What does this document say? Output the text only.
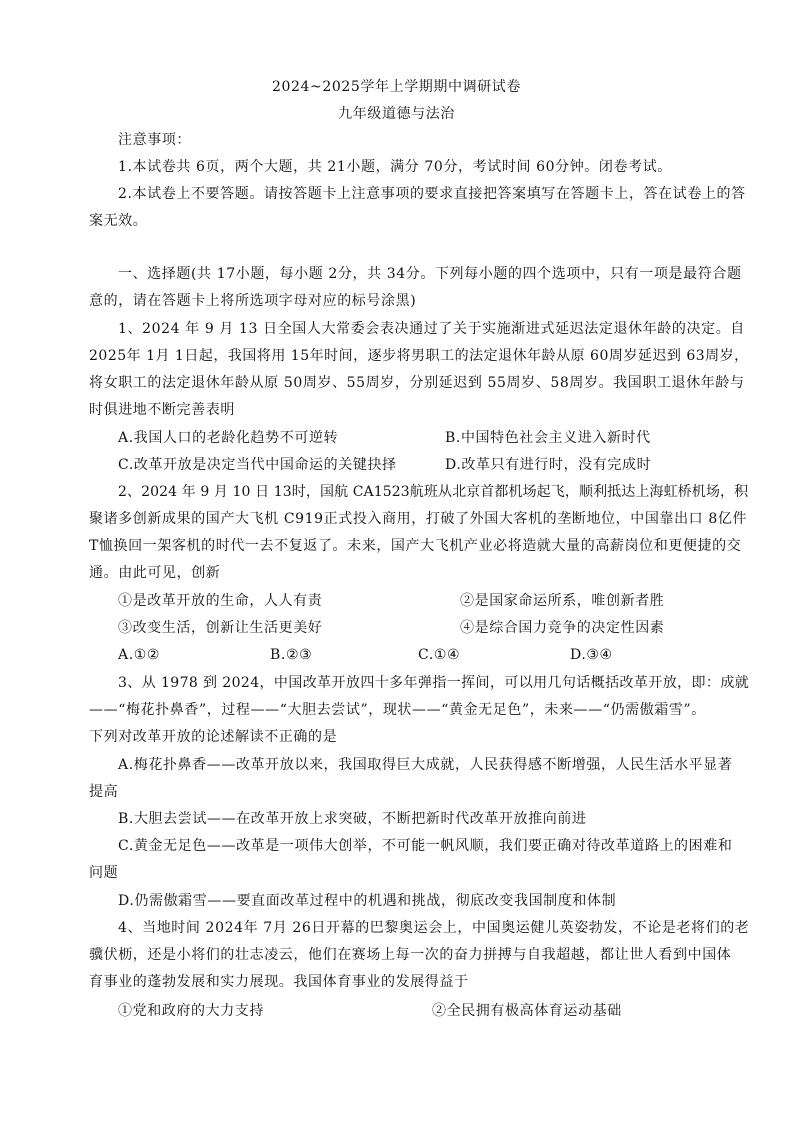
2024~2025学年上学期期中调研试卷
九年级道德与法治
注意事项：
1.本试卷共 6页，两个大题，共 21小题，满分 70分，考试时间 60分钟。闭卷考试。
2.本试卷上不要答题。请按答题卡上注意事项的要求直接把答案填写在答题卡上，答在试卷上的答
案无效。
一、选择题(共 17小题，每小题 2分，共 34分。下列每小题的四个选项中，只有一项是最符合题
意的，请在答题卡上将所选项字母对应的标号涂黑)
1、2024 年 9 月 13 日全国人大常委会表决通过了关于实施渐进式延迟法定退休年龄的决定。自
2025年 1月 1日起，我国将用 15年时间，逐步将男职工的法定退休年龄从原 60周岁延迟到 63周岁，
将女职工的法定退休年龄从原 50周岁、55周岁，分别延迟到 55周岁、58周岁。我国职工退休年龄与
时俱进地不断完善表明
A.我国人口的老龄化趋势不可逆转	B.中国特色社会主义进入新时代
C.改革开放是决定当代中国命运的关键抉择	D.改革只有进行时，没有完成时
2、2024 年 9 月 10 日 13时，国航 CA1523航班从北京首都机场起飞，顺利抵达上海虹桥机场，积
聚诸多创新成果的国产大飞机 C919正式投入商用，打破了外国大客机的垄断地位，中国靠出口 8亿件
T恤换回一架客机的时代一去不复返了。未来，国产大飞机产业必将造就大量的高薪岗位和更便捷的交
通。由此可见，创新
①是改革开放的生命，人人有责	②是国家命运所系，唯创新者胜
③改变生活，创新让生活更美好	④是综合国力竞争的决定性因素
A.①②	B.②③	C.①④	D.③④
3、从 1978 到 2024，中国改革开放四十多年弹指一挥间，可以用几句话概括改革开放，即：成就
——“梅花扑鼻香”，过程——“大胆去尝试”，现状——“黄金无足色”，未来——“仍需傲霜雪”。
下列对改革开放的论述解读不正确的是
A.梅花扑鼻香——改革开放以来，我国取得巨大成就，人民获得感不断增强，人民生活水平显著
提高
B.大胆去尝试——在改革开放上求突破，不断把新时代改革开放推向前进
C.黄金无足色——改革是一项伟大创举，不可能一帆风顺，我们要正确对待改革道路上的困难和
问题
D.仍需傲霜雪——要直面改革过程中的机遇和挑战，彻底改变我国制度和体制
4、当地时间 2024年 7月 26日开幕的巴黎奥运会上，中国奥运健儿英姿勃发，不论是老将们的老
骥伏枥，还是小将们的壮志凌云，他们在赛场上每一次的奋力拼搏与自我超越，都让世人看到中国体
育事业的蓬勃发展和实力展现。我国体育事业的发展得益于
①党和政府的大力支持	②全民拥有极高体育运动基础
